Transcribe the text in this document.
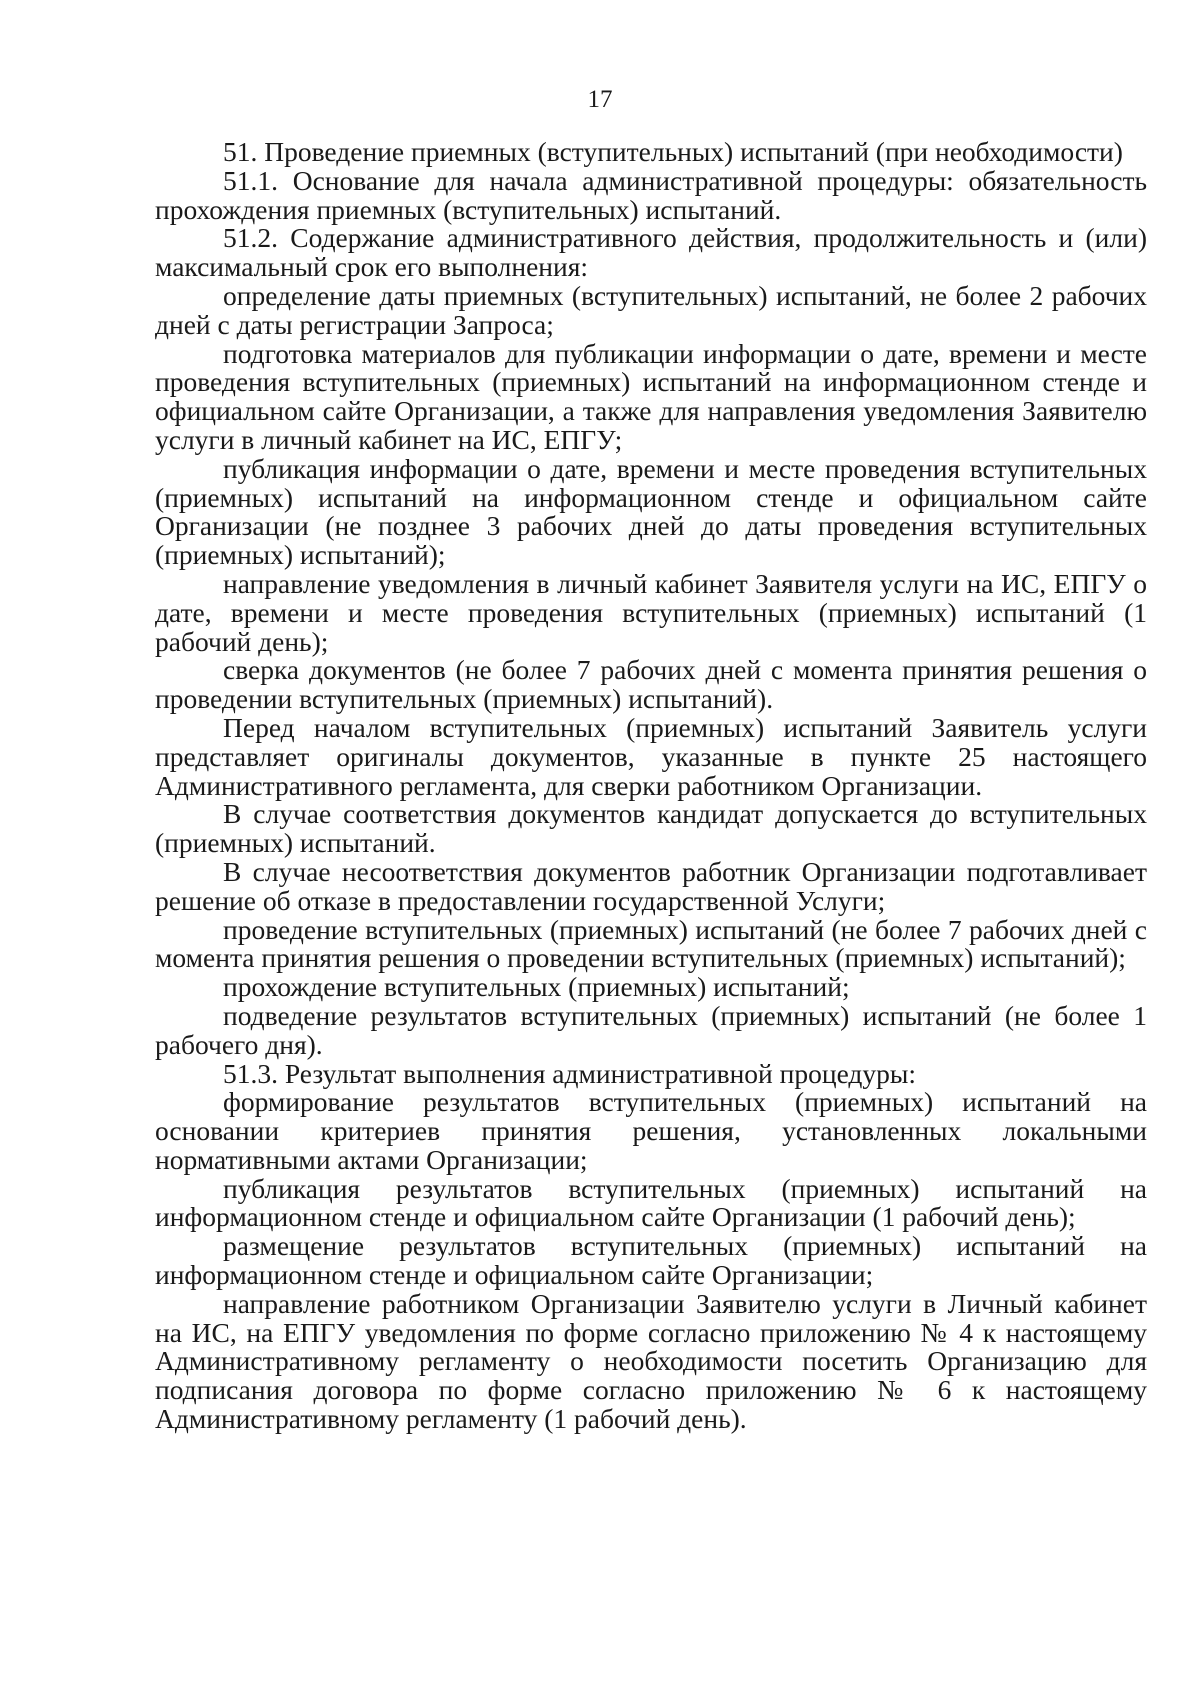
17

51. Проведение приемных (вступительных) испытаний (при необходимости)

51.1. Основание для начала административной процедуры: обязательность прохождения приемных (вступительных) испытаний.

51.2. Содержание административного действия, продолжительность и (или) максимальный срок его выполнения:

определение даты приемных (вступительных) испытаний, не более 2 рабочих дней с даты регистрации Запроса;

подготовка материалов для публикации информации о дате, времени и месте проведения вступительных (приемных) испытаний на информационном стенде и официальном сайте Организации, а также для направления уведомления Заявителю услуги в личный кабинет на ИС, ЕПГУ;

публикация информации о дате, времени и месте проведения вступительных (приемных) испытаний на информационном стенде и официальном сайте Организации (не позднее 3 рабочих дней до даты проведения вступительных (приемных) испытаний);

направление уведомления в личный кабинет Заявителя услуги на ИС, ЕПГУ о дате, времени и месте проведения вступительных (приемных) испытаний (1 рабочий день);

сверка документов (не более 7 рабочих дней с момента принятия решения о проведении вступительных (приемных) испытаний).

Перед началом вступительных (приемных) испытаний Заявитель услуги представляет оригиналы документов, указанные в пункте 25 настоящего Административного регламента, для сверки работником Организации.

В случае соответствия документов кандидат допускается до вступительных (приемных) испытаний.

В случае несоответствия документов работник Организации подготавливает решение об отказе в предоставлении государственной Услуги;

проведение вступительных (приемных) испытаний (не более 7 рабочих дней с момента принятия решения о проведении вступительных (приемных) испытаний);

прохождение вступительных (приемных) испытаний;

подведение результатов вступительных (приемных) испытаний (не более 1 рабочего дня).

51.3. Результат выполнения административной процедуры:

формирование результатов вступительных (приемных) испытаний на основании критериев принятия решения, установленных локальными нормативными актами Организации;

публикация результатов вступительных (приемных) испытаний на информационном стенде и официальном сайте Организации (1 рабочий день);

размещение результатов вступительных (приемных) испытаний на информационном стенде и официальном сайте Организации;

направление работником Организации Заявителю услуги в Личный кабинет на ИС, на ЕПГУ уведомления по форме согласно приложению № 4 к настоящему Административному регламенту о необходимости посетить Организацию для подписания договора по форме согласно приложению № 6 к настоящему Административному регламенту (1 рабочий день).
